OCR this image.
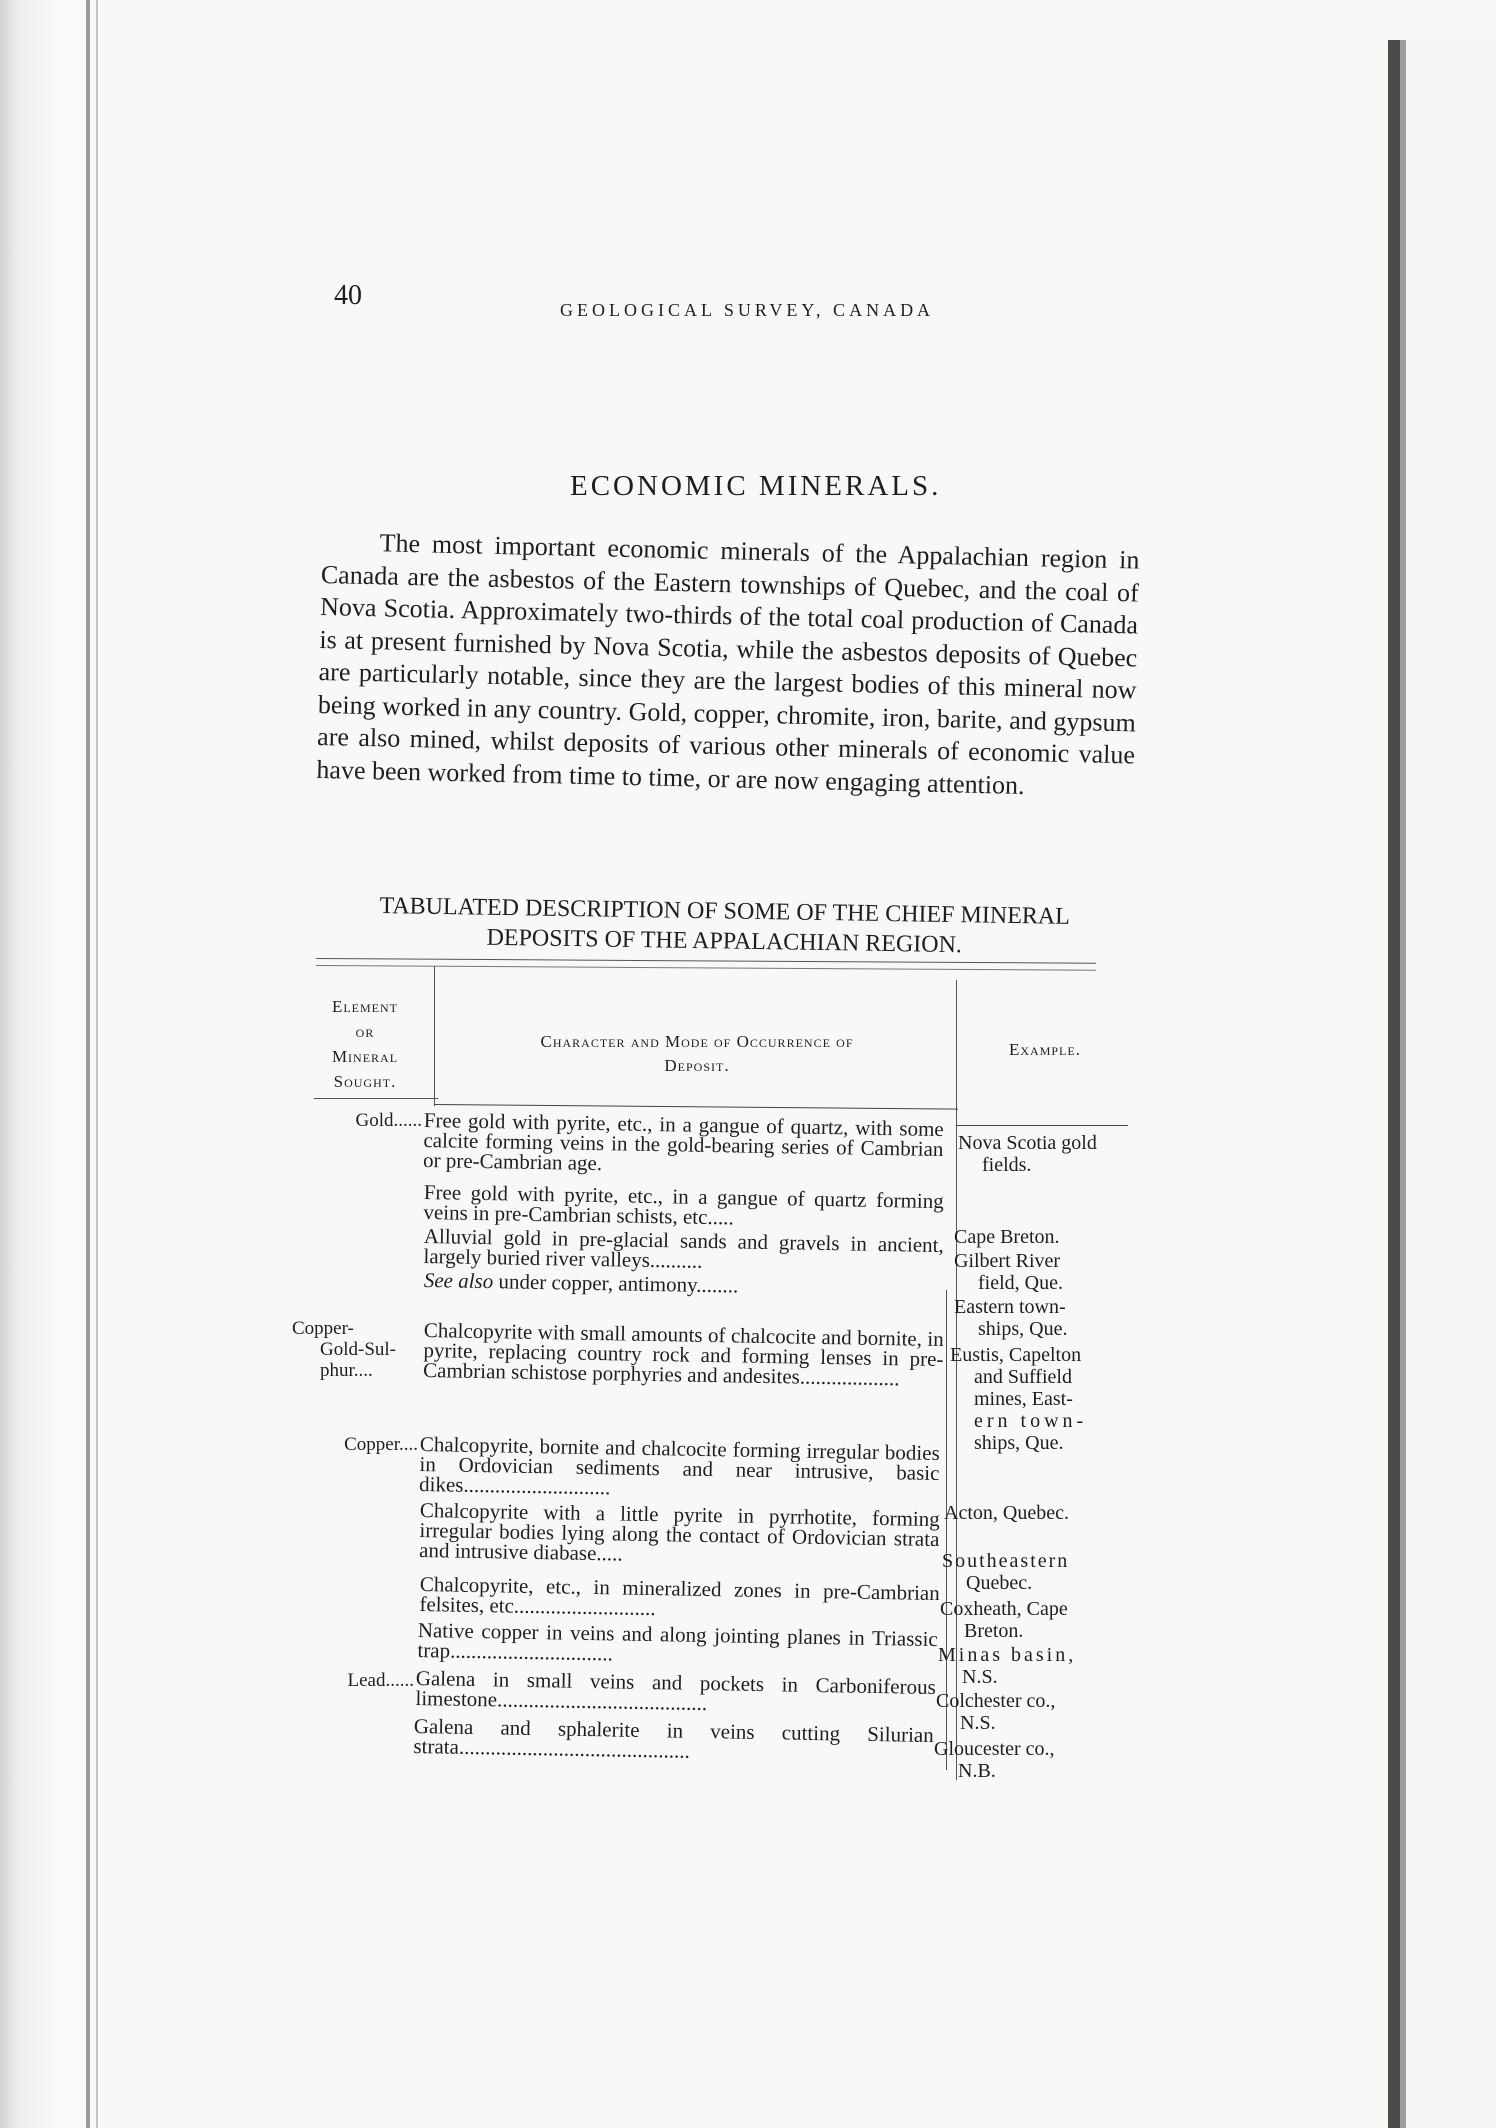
40	GEOLOGICAL SURVEY, CANADA
ECONOMIC MINERALS.

The most important economic minerals of the Appalachian region in Canada are the asbestos of the Eastern townships of Quebec, and the coal of Nova Scotia. Approximately two-thirds of the total coal production of Canada is at present furnished by Nova Scotia, while the asbestos deposits of Quebec are particularly notable, since they are the largest bodies of this mineral now being worked in any country. Gold, copper, chromite, iron, barite, and gypsum are also mined, whilst deposits of various other minerals of economic value have been worked from time to time, or are now engaging attention.

TABULATED DESCRIPTION OF SOME OF THE CHIEF MINERAL
DEPOSITS OF THE APPALACHIAN REGION.
Element
or
Mineral
Sought.
Character and Mode of Occurrence of
Deposit.
Example.
Gold......
Copper-
Gold-Sul-
phur....
Copper....
Lead......
Free gold with pyrite, etc., in a gangue of quartz, with some calcite forming veins in the gold-bearing series of Cambrian or pre-Cambrian age.
Free gold with pyrite, etc., in a gangue of quartz forming veins in pre-Cambrian schists, etc.....
Alluvial gold in pre-glacial sands and gravels in ancient, largely buried river valleys..........
See also under copper, antimony........
Chalcopyrite with small amounts of chalcocite and bornite, in pyrite, replacing country rock and forming lenses in pre-Cambrian schistose porphyries and andesites...................
Chalcopyrite, bornite and chalcocite forming irregular bodies in Ordovician sediments and near intrusive, basic dikes............................
Chalcopyrite with a little pyrite in pyrrhotite, forming irregular bodies lying along the contact of Ordovician strata and intrusive diabase.....
Chalcopyrite, etc., in mineralized zones in pre-Cambrian felsites, etc...........................
Native copper in veins and along jointing planes in Triassic trap...............................
Galena in small veins and pockets in Carboniferous limestone........................................
Galena and sphalerite in veins cutting Silurian strata............................................
Nova Scotia gold
fields.
Cape Breton.
Gilbert River
field, Que.
Eastern town-
ships, Que.
Eustis, Capelton
and Suffield
mines, East-
ern town-
ships, Que.
Acton, Quebec.
Southeastern
Quebec.
Coxheath, Cape
Breton.
Minas basin,
N.S.
Colchester co.,
N.S.
Gloucester co.,
N.B.
